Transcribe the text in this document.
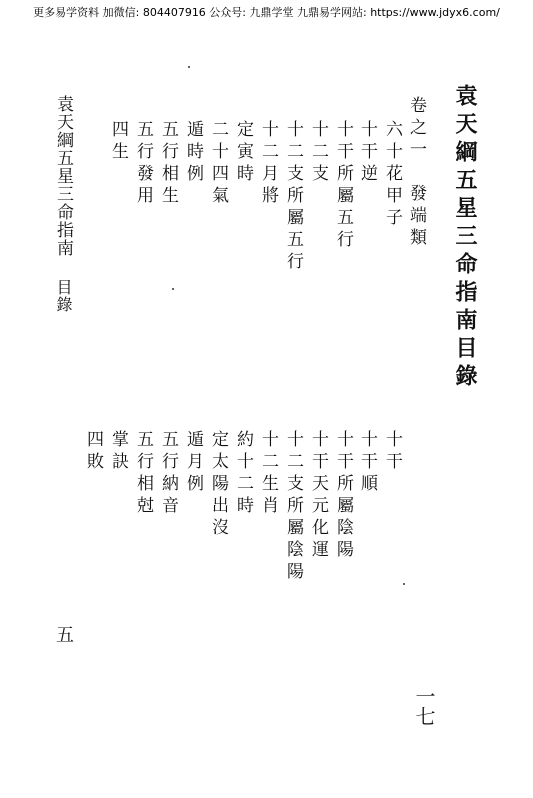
更多易学资料 加微信: 804407916 公众号: 九鼎学堂 九鼎易学网站: https://www.jdyx6.com/
袁天綱五星三命指南目錄
卷之一　發端類
六十花甲子
十干逆
十干所屬五行
十二支
十二支所屬五行
十二月將
定寅時
二十四氣
遁時例
五行相生
五行發用
四生
十干
十干順
十干所屬陰陽
十干天元化運
十二支所屬陰陽
十二生肖
約十二時
定太陽出沒
遁月例
五行納音
五行相尅
掌訣
四敗
袁天綱五星三命指南目錄
五
一七
